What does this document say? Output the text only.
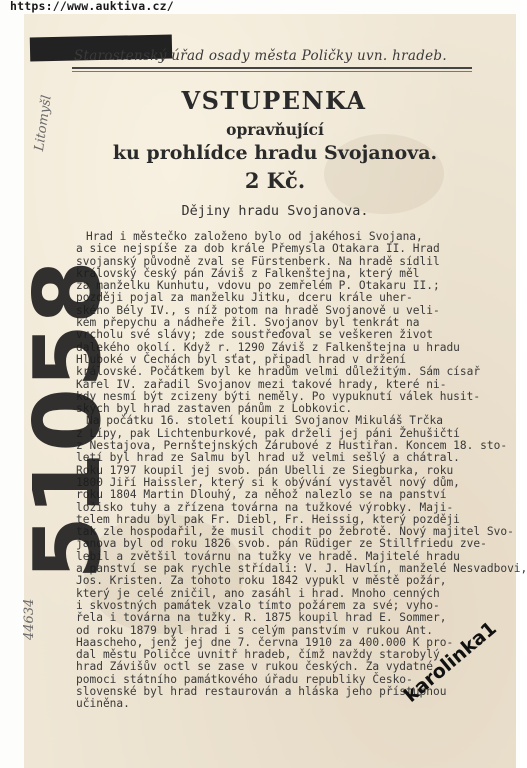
https://www.auktiva.cz/
Starostenský úřad osady města Poličky uvn. hradeb.
VSTUPENKA
opravňující
ku prohlídce hradu Svojanova.
2 Kč.
Dějiny hradu Svojanova.
Hrad i městečko založeno bylo od jakéhosi Svojana,
a sice nejspíše za dob krále Přemysla Otakara II. Hrad
svojanský původně zval se Fürstenberk. Na hradě sídlil
královský český pán Záviš z Falkenštejna, který měl
za manželku Kunhutu, vdovu po zemřelém P. Otakaru II.;
později pojal za manželku Jitku, dceru krále uher-
ského Bély IV., s níž potom na hradě Svojanově u veli-
kém přepychu a nádheře žil. Svojanov byl tenkrát na
vrcholu své slávy; zde soustřeďoval se veškeren život
dalekého okolí. Když r. 1290 Záviš z Falkenštejna u hradu
Hluboké v Čechách byl sťat, připadl hrad v držení
královské. Počátkem byl ke hradům velmi důležitým. Sám císař
Karel IV. zařadil Svojanov mezi takové hrady, které ni-
kdy nesmí být zcizeny býti neměly. Po vypuknutí válek husit-
ských byl hrad zastaven pánům z Lobkovic.
Na počátku 16. století koupili Svojanov Mikuláš Trčka
z Lípy, pak Lichtenburkové, pak drželi jej páni Žehušičtí
z Nestajova, Pernštejnských Zárubové z Hustiřan. Koncem 18. sto-
letí byl hrad ze Salmu byl hrad už velmi sešlý a chátral.
Roku 1797 koupil jej svob. pán Ubelli ze Siegburka, roku
1800 Jiří Haissler, který si k obývání vystavěl nový dům,
roku 1804 Martin Dlouhý, za něhož nalezlo se na panství
ložisko tuhy a zřízena továrna na tužkové výrobky. Maji-
telem hradu byl pak Fr. Diebl, Fr. Heissig, který později
tak zle hospodařil, že musil chodit po žebrotě. Nový majitel Svo-
janova byl od roku 1826 svob. pán Rüdiger ze Stillfriedu zve-
lebil a zvětšil továrnu na tužky ve hradě. Majitelé hradu
a panství se pak rychle střídali: V. J. Havlín, manželé Nesvadbovi,
Jos. Kristen. Za tohoto roku 1842 vypukl v městě požár,
který je celé zničil, ano zasáhl i hrad. Mnoho cenných
i skvostných památek vzalo tímto požárem za své; vyho-
řela i továrna na tužky. R. 1875 koupil hrad E. Sommer,
od roku 1879 byl hrad i s celým panstvím v rukou Ant.
Haascheho, jenž jej dne 7. června 1910 za 400.000 K pro-
dal městu Poličce uvnitř hradeb, čímž navždy starobylý
hrad Závišův octl se zase v rukou českých. Za vydatné
pomoci státního památkového úřadu republiky Česko-
slovenské byl hrad restaurován a hláska jeho přístupnou
učiněna.
Litomyšl
44634
51058
karolinka1
